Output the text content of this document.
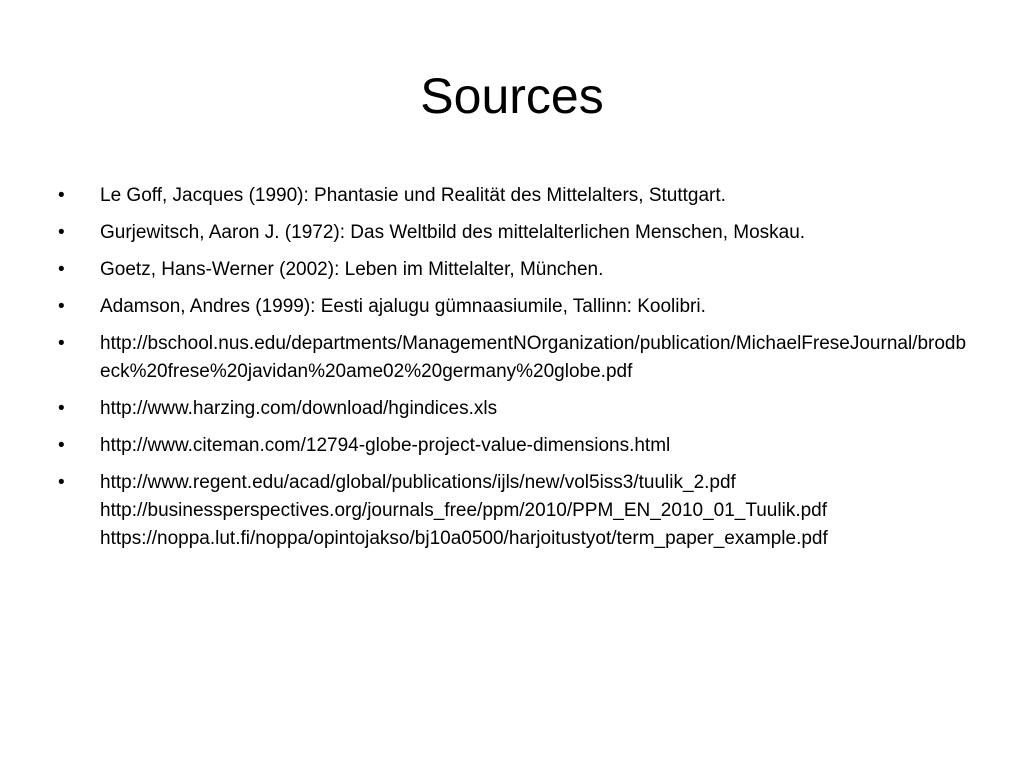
Sources
•	Le Goff, Jacques (1990): Phantasie und Realität des Mittelalters, Stuttgart.
•	Gurjewitsch, Aaron J. (1972): Das Weltbild des mittelalterlichen Menschen, Moskau.
•	Goetz, Hans-Werner (2002): Leben im Mittelalter, München.
•	Adamson, Andres (1999): Eesti ajalugu gümnaasiumile, Tallinn: Koolibri.
•	http://bschool.nus.edu/departments/ManagementNOrganization/publication/MichaelFreseJournal/brodbeck%20frese%20javidan%20ame02%20germany%20globe.pdf
•	http://www.harzing.com/download/hgindices.xls
•	http://www.citeman.com/12794-globe-project-value-dimensions.html
•	http://www.regent.edu/acad/global/publications/ijls/new/vol5iss3/tuulik_2.pdf
http://businessperspectives.org/journals_free/ppm/2010/PPM_EN_2010_01_Tuulik.pdf
https://noppa.lut.fi/noppa/opintojakso/bj10a0500/harjoitustyot/term_paper_example.pdf
